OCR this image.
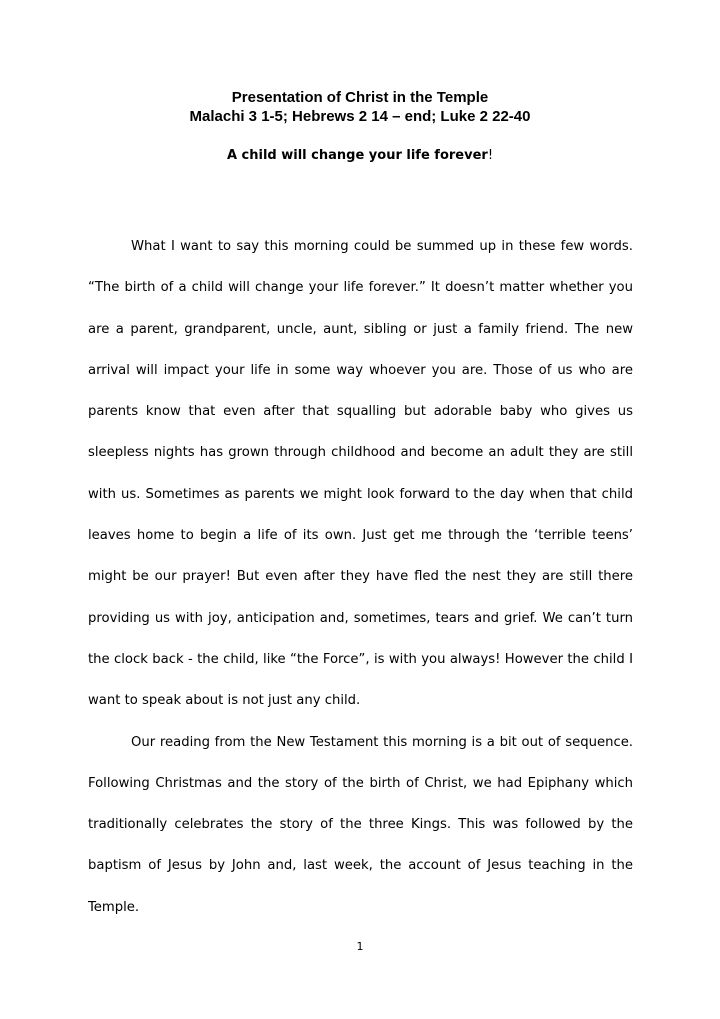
Presentation of Christ in the Temple
Malachi 3 1-5; Hebrews 2 14 – end; Luke 2 22-40
A child will change your life forever!

What I want to say this morning could be summed up in these few words. “The birth of a child will change your life forever.” It doesn’t matter whether you are a parent, grandparent, uncle, aunt, sibling or just a family friend. The new arrival will impact your life in some way whoever you are. Those of us who are parents know that even after that squalling but adorable baby who gives us sleepless nights has grown through childhood and become an adult they are still with us. Sometimes as parents we might look forward to the day when that child leaves home to begin a life of its own. Just get me through the ‘terrible teens’ might be our prayer! But even after they have fled the nest they are still there providing us with joy, anticipation and, sometimes, tears and grief. We can’t turn the clock back - the child, like “the Force”, is with you always! However the child I want to speak about is not just any child.

Our reading from the New Testament this morning is a bit out of sequence. Following Christmas and the story of the birth of Christ, we had Epiphany which traditionally celebrates the story of the three Kings. This was followed by the baptism of Jesus by John and, last week, the account of Jesus teaching in the Temple.

1
